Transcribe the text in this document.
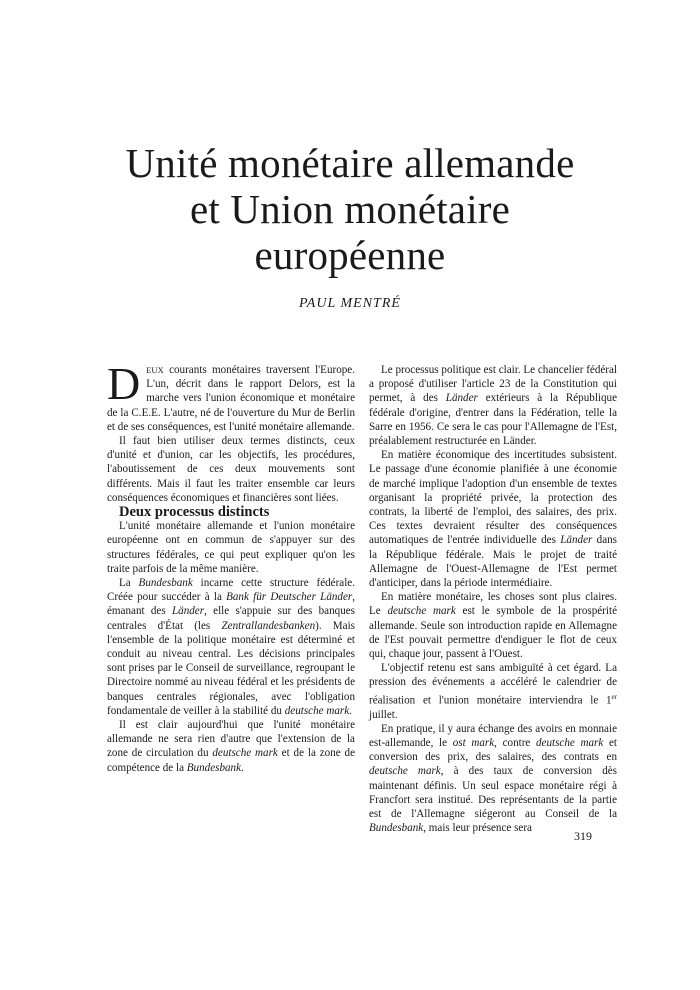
Unité monétaire allemande
et Union monétaire
européenne
PAUL MENTRÉ

DEUX courants monétaires traversent l'Europe. L'un, décrit dans le rapport Delors, est la marche vers l'union économique et monétaire de la C.E.E. L'autre, né de l'ouverture du Mur de Berlin et de ses conséquences, est l'unité monétaire allemande.

Il faut bien utiliser deux termes distincts, ceux d'unité et d'union, car les objectifs, les procédures, l'aboutissement de ces deux mouvements sont différents. Mais il faut les traiter ensemble car leurs conséquences économiques et financières sont liées.

Deux processus distincts

L'unité monétaire allemande et l'union monétaire européenne ont en commun de s'appuyer sur des structures fédérales, ce qui peut expliquer qu'on les traite parfois de la même manière.

La Bundesbank incarne cette structure fédérale. Créée pour succéder à la Bank für Deutscher Länder, émanant des Länder, elle s'appuie sur des banques centrales d'État (les Zentrallandesbanken). Mais l'ensemble de la politique monétaire est déterminé et conduit au niveau central. Les décisions principales sont prises par le Conseil de surveillance, regroupant le Directoire nommé au niveau fédéral et les présidents de banques centrales régionales, avec l'obligation fondamentale de veiller à la stabilité du deutsche mark.

Il est clair aujourd'hui que l'unité monétaire allemande ne sera rien d'autre que l'extension de la zone de circulation du deutsche mark et de la zone de compétence de la Bundesbank.

Le processus politique est clair. Le chancelier fédéral a proposé d'utiliser l'article 23 de la Constitution qui permet, à des Länder extérieurs à la République fédérale d'origine, d'entrer dans la Fédération, telle la Sarre en 1956. Ce sera le cas pour l'Allemagne de l'Est, préalablement restructurée en Länder.

En matière économique des incertitudes subsistent. Le passage d'une économie planifiée à une économie de marché implique l'adoption d'un ensemble de textes organisant la propriété privée, la protection des contrats, la liberté de l'emploi, des salaires, des prix. Ces textes devraient résulter des conséquences automatiques de l'entrée individuelle des Länder dans la République fédérale. Mais le projet de traité Allemagne de l'Ouest-Allemagne de l'Est permet d'anticiper, dans la période intermédiaire.

En matière monétaire, les choses sont plus claires. Le deutsche mark est le symbole de la prospérité allemande. Seule son introduction rapide en Allemagne de l'Est pouvait permettre d'endiguer le flot de ceux qui, chaque jour, passent à l'Ouest.

L'objectif retenu est sans ambiguïté à cet égard. La pression des événements a accéléré le calendrier de réalisation et l'union monétaire interviendra le 1er juillet.

En pratique, il y aura échange des avoirs en monnaie est-allemande, le ost mark, contre deutsche mark et conversion des prix, des salaires, des contrats en deutsche mark, à des taux de conversion dès maintenant définis. Un seul espace monétaire régi à Francfort sera institué. Des représentants de la partie est de l'Allemagne siégeront au Conseil de la Bundesbank, mais leur présence sera

319
